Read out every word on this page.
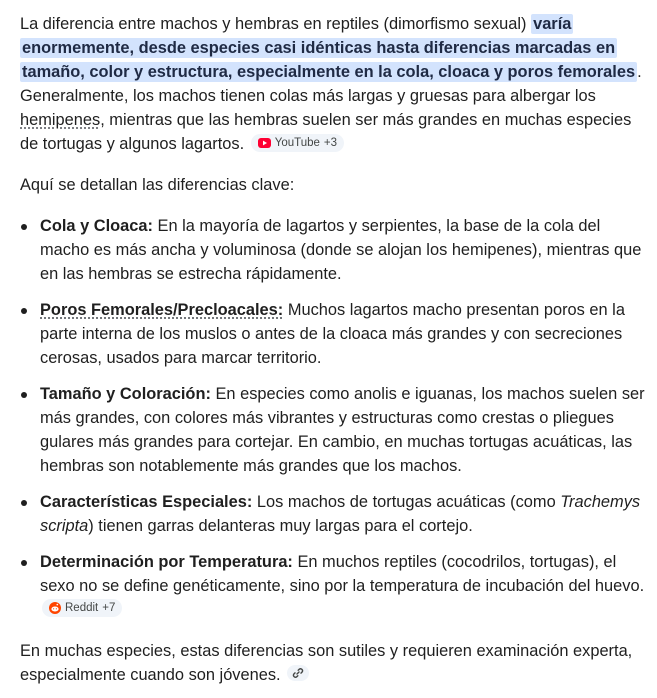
La diferencia entre machos y hembras en reptiles (dimorfismo sexual) varía enormemente, desde especies casi idénticas hasta diferencias marcadas en tamaño, color y estructura, especialmente en la cola, cloaca y poros femorales . Generalmente, los machos tienen colas más largas y gruesas para albergar los hemipenes, mientras que las hembras suelen ser más grandes en muchas especies de tortugas y algunos lagartos.	YouTube +3

Aquí se detallan las diferencias clave:

Cola y Cloaca: En la mayoría de lagartos y serpientes, la base de la cola del macho es más ancha y voluminosa (donde se alojan los hemipenes), mientras que en las hembras se estrecha rápidamente.
Poros Femorales/Precloacales: Muchos lagartos macho presentan poros en la parte interna de los muslos o antes de la cloaca más grandes y con secreciones cerosas, usados para marcar territorio.
Tamaño y Coloración: En especies como anolis e iguanas, los machos suelen ser más grandes, con colores más vibrantes y estructuras como crestas o pliegues gulares más grandes para cortejar. En cambio, en muchas tortugas acuáticas, las hembras son notablemente más grandes que los machos.
Características Especiales: Los machos de tortugas acuáticas (como Trachemys scripta) tienen garras delanteras muy largas para el cortejo.
Determinación por Temperatura: En muchos reptiles (cocodrilos, tortugas), el sexo no se define genéticamente, sino por la temperatura de incubación del huevo.
Reddit +7

En muchas especies, estas diferencias son sutiles y requieren examinación experta, especialmente cuando son jóvenes.
